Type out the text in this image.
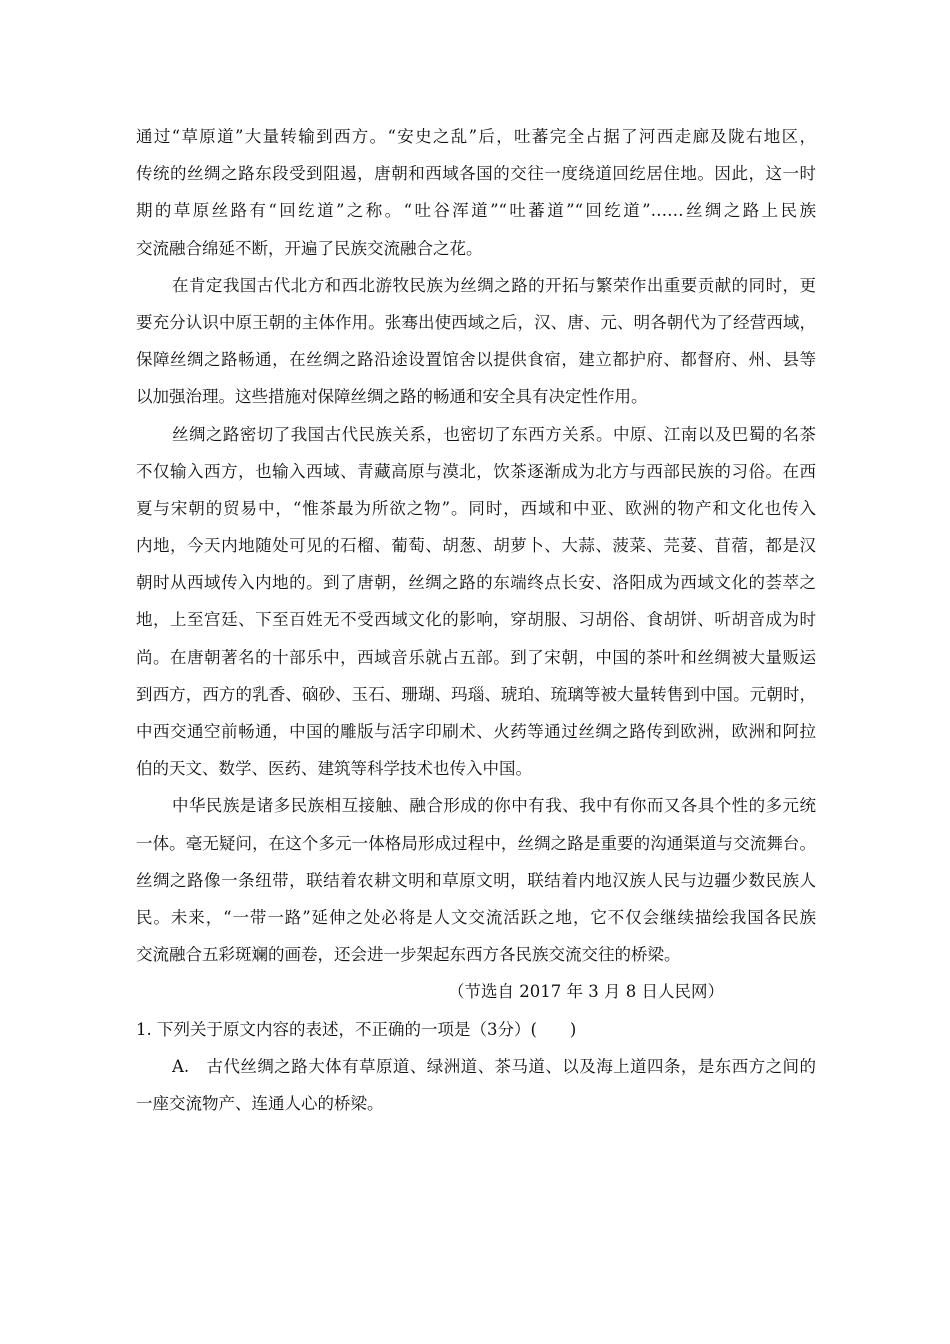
通过“草原道”大量转输到西方。“安史之乱”后，吐蕃完全占据了河西走廊及陇右地区，
传统的丝绸之路东段受到阻遏，唐朝和西域各国的交往一度绕道回纥居住地。因此，这一时
期的草原丝路有“回纥道”之称。“吐谷浑道”“吐蕃道”“回纥道”……丝绸之路上民族
交流融合绵延不断，开遍了民族交流融合之花。
在肯定我国古代北方和西北游牧民族为丝绸之路的开拓与繁荣作出重要贡献的同时，更
要充分认识中原王朝的主体作用。张骞出使西域之后，汉、唐、元、明各朝代为了经营西域，
保障丝绸之路畅通，在丝绸之路沿途设置馆舍以提供食宿，建立都护府、都督府、州、县等
以加强治理。这些措施对保障丝绸之路的畅通和安全具有决定性作用。
丝绸之路密切了我国古代民族关系，也密切了东西方关系。中原、江南以及巴蜀的名茶
不仅输入西方，也输入西域、青藏高原与漠北，饮茶逐渐成为北方与西部民族的习俗。在西
夏与宋朝的贸易中，“惟茶最为所欲之物”。同时，西域和中亚、欧洲的物产和文化也传入
内地，今天内地随处可见的石榴、葡萄、胡葱、胡萝卜、大蒜、菠菜、芫荽、苜蓿，都是汉
朝时从西域传入内地的。到了唐朝，丝绸之路的东端终点长安、洛阳成为西域文化的荟萃之
地，上至宫廷、下至百姓无不受西域文化的影响，穿胡服、习胡俗、食胡饼、听胡音成为时
尚。在唐朝著名的十部乐中，西域音乐就占五部。到了宋朝，中国的茶叶和丝绸被大量贩运
到西方，西方的乳香、硇砂、玉石、珊瑚、玛瑙、琥珀、琉璃等被大量转售到中国。元朝时，
中西交通空前畅通，中国的雕版与活字印刷术、火药等通过丝绸之路传到欧洲，欧洲和阿拉
伯的天文、数学、医药、建筑等科学技术也传入中国。
中华民族是诸多民族相互接触、融合形成的你中有我、我中有你而又各具个性的多元统
一体。毫无疑问，在这个多元一体格局形成过程中，丝绸之路是重要的沟通渠道与交流舞台。
丝绸之路像一条纽带，联结着农耕文明和草原文明，联结着内地汉族人民与边疆少数民族人
民。未来，“一带一路”延伸之处必将是人文交流活跃之地，它不仅会继续描绘我国各民族
交流融合五彩斑斓的画卷，还会进一步架起东西方各民族交流交往的桥梁。
（节选自 2017 年 3 月 8 日人民网）
1. 下列关于原文内容的表述，不正确的一项是（3分）(　　)
A.　古代丝绸之路大体有草原道、绿洲道、茶马道、以及海上道四条，是东西方之间的
一座交流物产、连通人心的桥梁。
